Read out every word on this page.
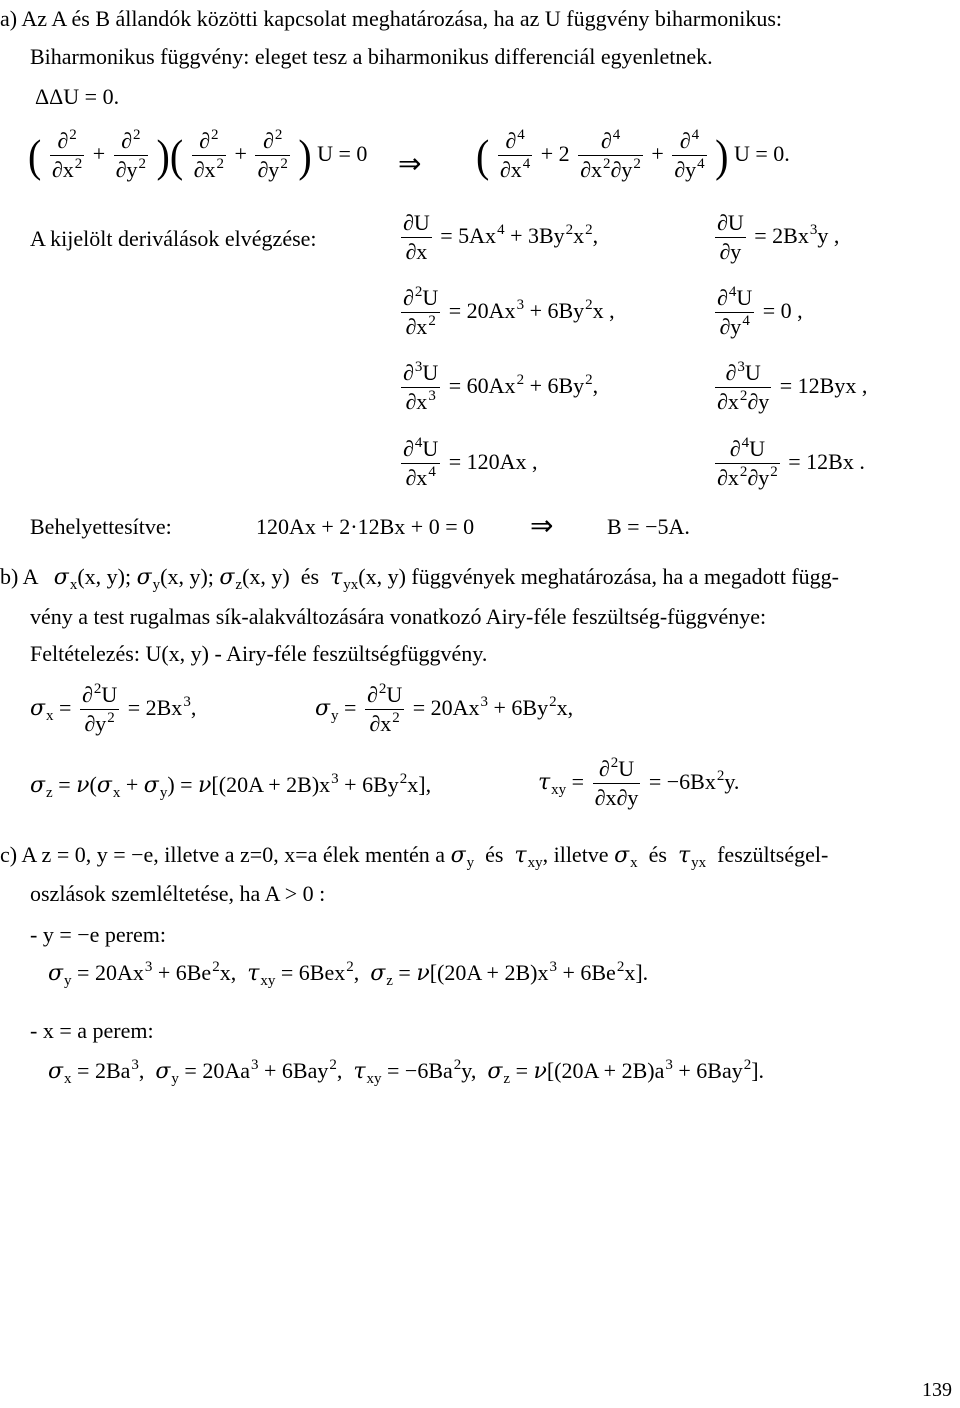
a) Az A és B állandók közötti kapcsolat meghatározása, ha az U függvény biharmonikus:
Biharmonikus függvény: eleget tesz a biharmonikus differenciál egyenletnek.
ΔΔU = 0.
( $\frac{\partial^2}{\partial x^2} + \frac{\partial^2}{\partial y^2}$ )( $\frac{\partial^2}{\partial x^2} + \frac{\partial^2}{\partial y^2}$ ) U = 0 ⇒ ( $\frac{\partial^4}{\partial x^4} + 2 \frac{\partial^4}{\partial x^2\partial y^2} + \frac{\partial^4}{\partial y^4}$ ) U = 0.
A kijelölt deriválások elvégzése:	$\frac{\partial U}{\partial x} = 5Ax^4 + 3By^2x^2$,	$\frac{\partial U}{\partial y} = 2Bx^3y$ ,
$\frac{\partial^2U}{\partial x^2} = 20Ax^3 + 6By^2x$ ,	$\frac{\partial^4U}{\partial y^4} = 0$ ,
$\frac{\partial^3U}{\partial x^3} = 60Ax^2 + 6By^2$,	$\frac{\partial^3U}{\partial x^2\partial y} = 12Byx$ ,
$\frac{\partial^4U}{\partial x^4} = 120Ax$ ,	$\frac{\partial^4U}{\partial x^2\partial y^2} = 12Bx$ .
Behelyettesítve:	120Ax + 2·12Bx + 0 = 0 ⇒ B = −5A.
b) A $\sigma_x(x$, y); $\sigma_y(x$, y); $\sigma_z(x$, y)  és  $\tau_{yx}(x$, y) függvények meghatározása, ha a megadott függ-
vény a test rugalmas sík-alakváltozására vonatkozó Airy-féle feszültség-függvénye:
Feltételezés: U(x, y) - Airy-féle feszültségfüggvény.
$\sigma_x = \frac{\partial^2U}{\partial y^2} = 2Bx^3$,	$\sigma_y = \frac{\partial^2U}{\partial x^2} = 20Ax^3 + 6By^2x$,
$\sigma_z = \nu(\sigma_x + \sigma_y) = \nu[(20A + 2B)x^3 + 6By^2x]$,	$\tau_{xy} = \frac{\partial^2U}{\partial x\partial y} = -6Bx^2y$.
c) A z = 0, y = −e, illetve a z=0, x=a élek mentén a $\sigma_y$  és  $\tau_{xy}$, illetve $\sigma_x$  és  $\tau_{yx}$ feszültségel-
oszlások szemléltetése, ha A > 0 :
- y = −e perem:
$\sigma_y = 20Ax^3 + 6Be^2x$,  $\tau_{xy} = 6Bex^2$,  $\sigma_z = \nu[(20A + 2B)x^3 + 6Be^2x]$.
- x = a perem:
$\sigma_x = 2Ba^3$,  $\sigma_y = 20Aa^3 + 6Bay^2$,  $\tau_{xy} = -6Ba^2y$,  $\sigma_z = \nu[(20A + 2B)a^3 + 6Bay^2]$.
139
